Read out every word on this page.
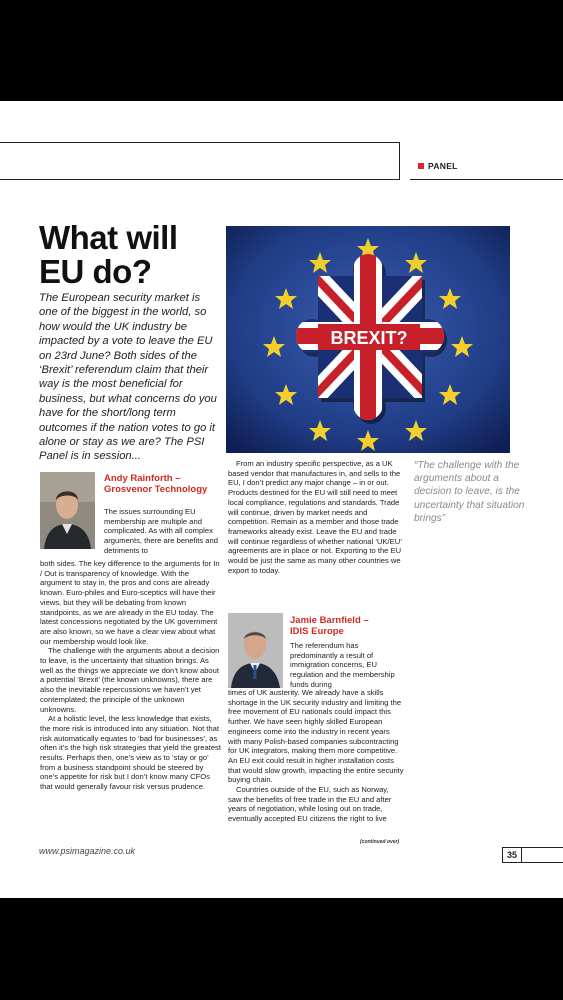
PANEL
What will
EU do?

The European security market is one of the biggest in the world, so how would the UK industry be impacted by a vote to leave the EU on 23rd June? Both sides of the ‘Brexit’ referendum claim that their way is the most beneficial for business, but what concerns do you have for the short/long term outcomes if the nation votes to go it alone or stay as we are? The PSI Panel is in session...

BREXIT?

“The challenge with the arguments about a decision to leave, is the uncertainty that situation brings”

Andy Rainforth –
Grosvenor Technology

The issues surrounding EU membership are multiple and complicated. As with all complex arguments, there are benefits and detriments to

both sides. The key difference to the arguments for In / Out is transparency of knowledge. With the argument to stay in, the pros and cons are already known. Euro-philes and Euro-sceptics will have their views, but they will be debating from known standpoints, as we are already in the EU today. The latest concessions negotiated by the UK government are also known, so we have a clear view about what our membership would look like.

The challenge with the arguments about a decision to leave, is the uncertainty that situation brings. As well as the things we appreciate we don’t know about a potential ‘Brexit’ (the known unknowns), there are also the inevitable repercussions we haven’t yet contemplated; the principle of the unknown unknowns.

At a holistic level, the less knowledge that exists, the more risk is introduced into any situation. Not that risk automatically equates to ‘bad for businesses’, as often it’s the high risk strategies that yield the greatest results. Perhaps then, one’s view as to ‘stay or go’ from a business standpoint should be steered by one’s appetite for risk but I don’t know many CFOs that would generally favour risk versus prudence.

From an industry specific perspective, as a UK based vendor that manufactures in, and sells to the EU, I don’t predict any major change – in or out. Products destined for the EU will still need to meet local compliance, regulations and standards. Trade will continue, driven by market needs and competition. Remain as a member and those trade frameworks already exist. Leave the EU and trade will continue regardless of whether national ‘UK/EU’ agreements are in place or not. Exporting to the EU would be just the same as many other countries we export to today.

Jamie Barnfield –
IDIS Europe

The referendum has predominantly a result of immigration concerns, EU regulation and the membership funds during

times of UK austerity. We already have a skills shortage in the UK security industry and limiting the free movement of EU nationals could impact this further. We have seen highly skilled European engineers come into the industry in recent years with many Polish-based companies subcontracting for UK integrators, making them more competitive. An EU exit could result in higher installation costs that would slow growth, impacting the entire security buying chain.

Countries outside of the EU, such as Norway, saw the benefits of free trade in the EU and after years of negotiation, while losing out on trade, eventually accepted EU citizens the right to live

(continued over)
www.psimagazine.co.uk	35
